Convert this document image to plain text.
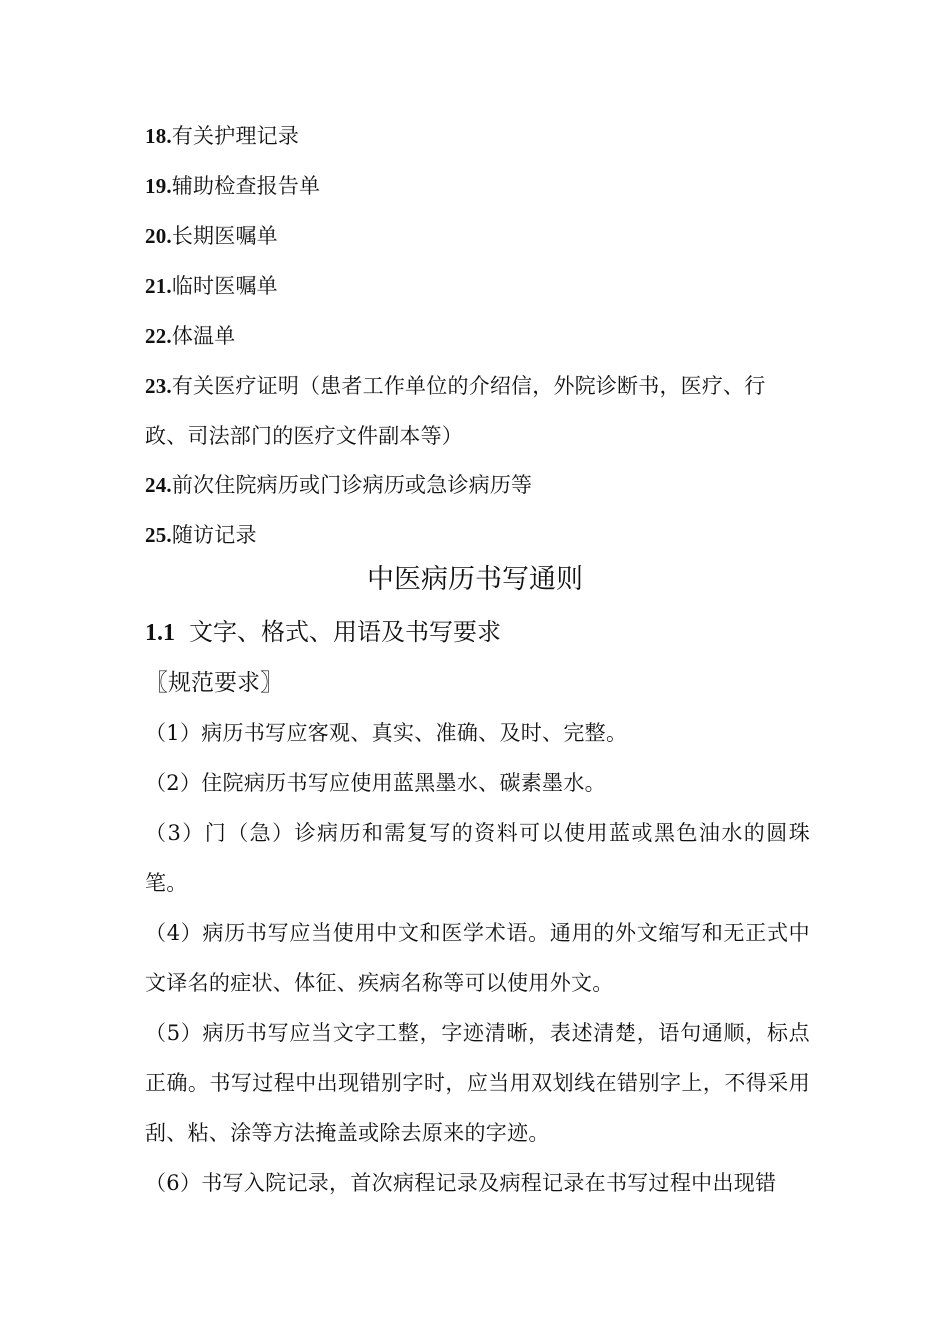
18.有关护理记录
19.辅助检查报告单
20.长期医嘱单
21.临时医嘱单
22.体温单
23.有关医疗证明（患者工作单位的介绍信，外院诊断书，医疗、行
政、司法部门的医疗文件副本等）
24.前次住院病历或门诊病历或急诊病历等
25.随访记录
中医病历书写通则
1.1 文字、格式、用语及书写要求
〖规范要求〗
（1）病历书写应客观、真实、准确、及时、完整。
（2）住院病历书写应使用蓝黑墨水、碳素墨水。
（3）门（急）诊病历和需复写的资料可以使用蓝或黑色油水的圆珠笔。
（4）病历书写应当使用中文和医学术语。通用的外文缩写和无正式中文译名的症状、体征、疾病名称等可以使用外文。
（5）病历书写应当文字工整，字迹清晰，表述清楚，语句通顺，标点正确。书写过程中出现错别字时，应当用双划线在错别字上，不得采用刮、粘、涂等方法掩盖或除去原来的字迹。
（6）书写入院记录，首次病程记录及病程记录在书写过程中出现错
